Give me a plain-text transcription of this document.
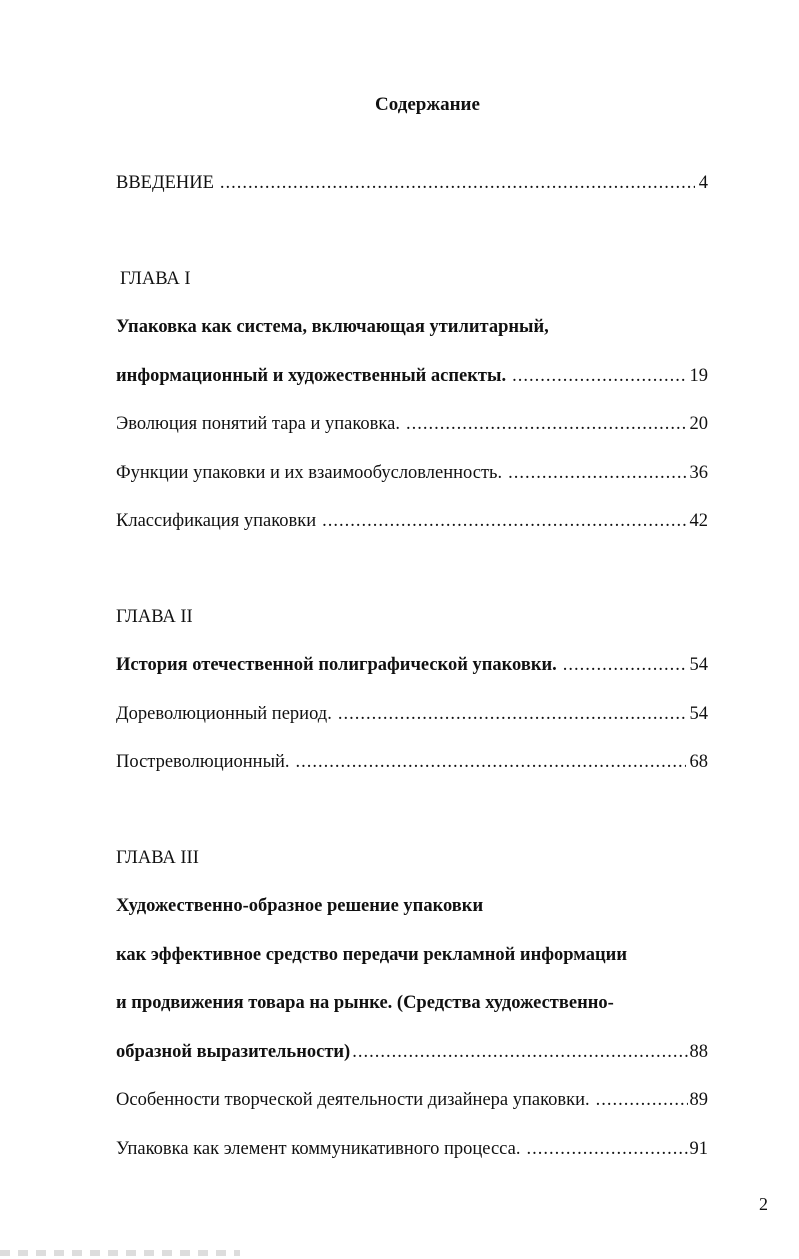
Содержание
ВВЕДЕНИЕ .....	4
ГЛАВА I
Упаковка как система, включающая утилитарный,
информационный и художественный аспекты. .....	19
Эволюция понятий тара и упаковка. .....	20
Функции упаковки и их взаимообусловленность. .....	36
Классификация упаковки .....	42
ГЛАВА II
История отечественной полиграфической упаковки. .....	54
Дореволюционный период. .....	54
Постреволюционный. .....	68
ГЛАВА III
Художественно-образное решение упаковки
как эффективное средство передачи рекламной информации
и продвижения товара на рынке. (Средства художественно-
образной выразительности) .....	88
Особенности творческой деятельности дизайнера упаковки. .....	89
Упаковка как элемент коммуникативного процесса. .....	91
2
